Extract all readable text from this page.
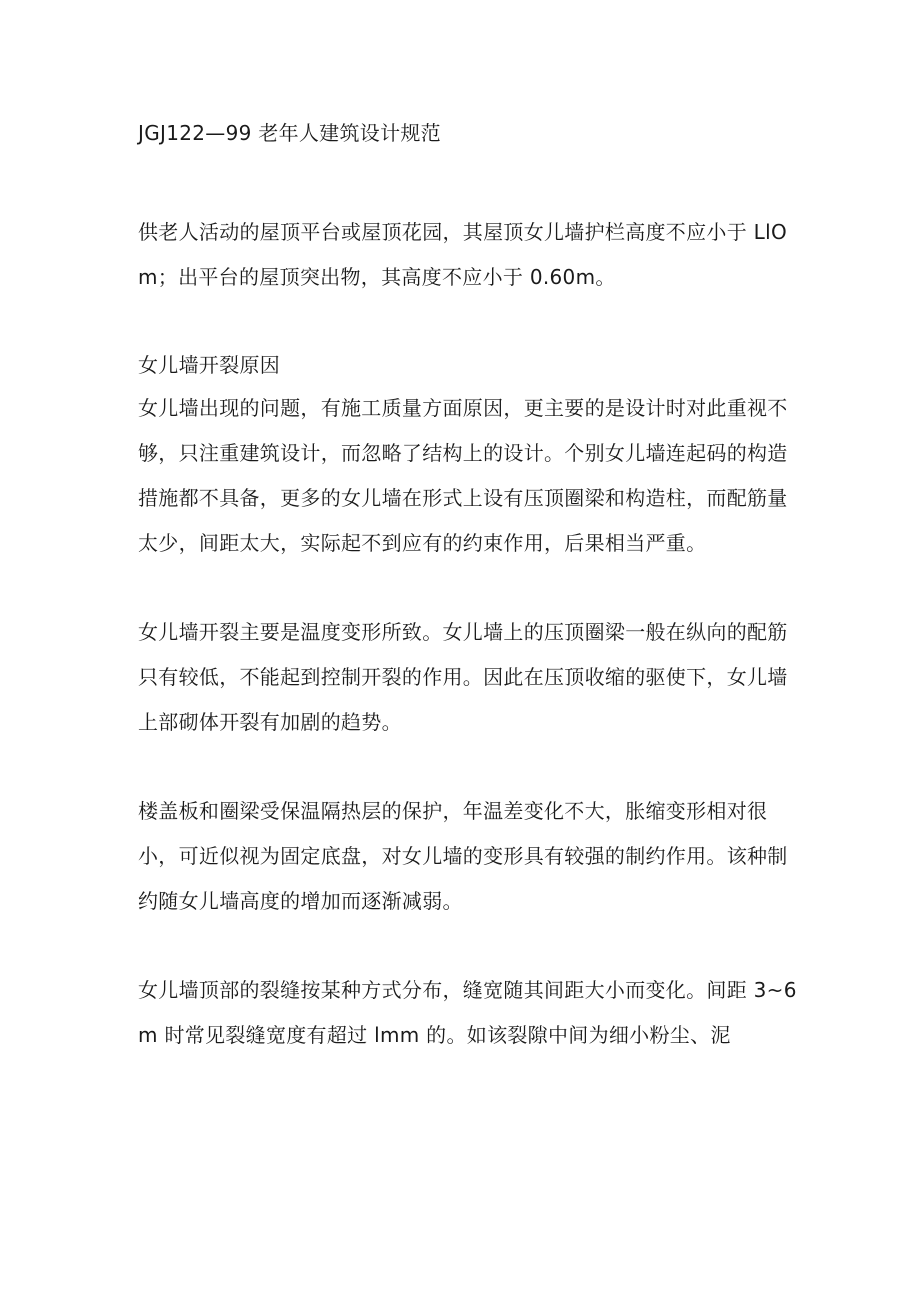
JGJ122—99 老年人建筑设计规范

供老人活动的屋顶平台或屋顶花园，其屋顶女儿墙护栏高度不应小于 LlOm；出平台的屋顶突出物，其高度不应小于 0.60m。

女儿墙开裂原因

女儿墙出现的问题，有施工质量方面原因，更主要的是设计时对此重视不够，只注重建筑设计，而忽略了结构上的设计。个别女儿墙连起码的构造措施都不具备，更多的女儿墙在形式上设有压顶圈梁和构造柱，而配筋量太少，间距太大，实际起不到应有的约束作用，后果相当严重。

女儿墙开裂主要是温度变形所致。女儿墙上的压顶圈梁一般在纵向的配筋只有较低，不能起到控制开裂的作用。因此在压顶收缩的驱使下，女儿墙上部砌体开裂有加剧的趋势。

楼盖板和圈梁受保温隔热层的保护，年温差变化不大，胀缩变形相对很小，可近似视为固定底盘，对女儿墙的变形具有较强的制约作用。该种制约随女儿墙高度的增加而逐渐减弱。

女儿墙顶部的裂缝按某种方式分布，缝宽随其间距大小而变化。间距 3~6m 时常见裂缝宽度有超过 lmm 的。如该裂隙中间为细小粉尘、泥
